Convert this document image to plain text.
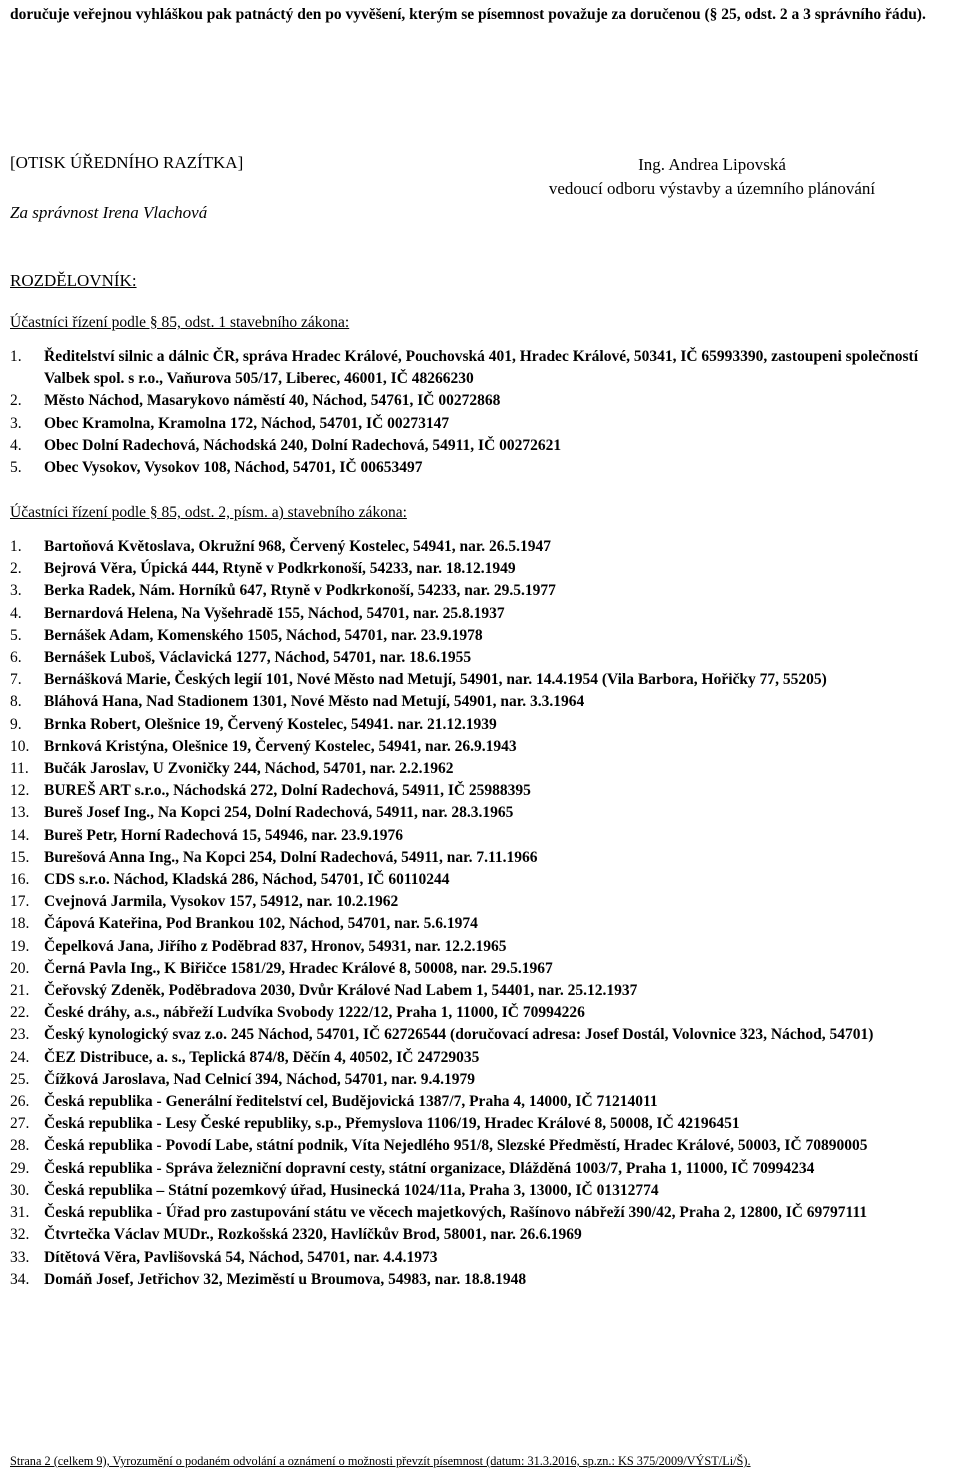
doručuje veřejnou vyhláškou pak patnáctý den po vyvěšení, kterým se písemnost považuje za doručenou (§ 25, odst. 2 a 3 správního řádu).
[OTISK ÚŘEDNÍHO RAZÍTKA]
Za správnost Irena Vlachová
Ing. Andrea Lipovská
vedoucí odboru výstavby a územního plánování
ROZDĚLOVNÍK:
Účastníci řízení podle § 85, odst. 1 stavebního zákona:
1. Ředitelství silnic a dálnic ČR, správa Hradec Králové, Pouchovská 401, Hradec Králové, 50341, IČ 65993390, zastoupeni společností Valbek spol. s r.o., Vaňurova 505/17, Liberec, 46001, IČ 48266230
2. Město Náchod, Masarykovo náměstí 40, Náchod, 54761, IČ 00272868
3. Obec Kramolna, Kramolna 172, Náchod, 54701, IČ 00273147
4. Obec Dolní Radechová, Náchodská 240, Dolní Radechová, 54911, IČ 00272621
5. Obec Vysokov, Vysokov 108, Náchod, 54701, IČ 00653497
Účastníci řízení podle § 85, odst. 2, písm. a) stavebního zákona:
1. Bartoňová Květoslava, Okružní 968, Červený Kostelec, 54941, nar. 26.5.1947
2. Bejrová Věra, Úpická 444, Rtyně v Podkrkonoší, 54233, nar. 18.12.1949
3. Berka Radek, Nám. Horníků 647, Rtyně v Podkrkonoší, 54233, nar. 29.5.1977
4. Bernardová Helena, Na Vyšehradě 155, Náchod, 54701, nar. 25.8.1937
5. Bernášek Adam, Komenského 1505, Náchod, 54701, nar. 23.9.1978
6. Bernášek Luboš, Václavická 1277, Náchod, 54701, nar. 18.6.1955
7. Bernášková Marie, Českých legií 101, Nové Město nad Metují, 54901, nar. 14.4.1954 (Vila Barbora, Hořičky 77, 55205)
8. Bláhová Hana, Nad Stadionem 1301, Nové Město nad Metují, 54901, nar. 3.3.1964
9. Brnka Robert, Olešnice 19, Červený Kostelec, 54941. nar. 21.12.1939
10. Brnková Kristýna, Olešnice 19, Červený Kostelec, 54941, nar. 26.9.1943
11. Bučák Jaroslav, U Zvoničky 244, Náchod, 54701, nar. 2.2.1962
12. BUREŠ ART s.r.o., Náchodská 272, Dolní Radechová, 54911, IČ 25988395
13. Bureš Josef Ing., Na Kopci 254, Dolní Radechová, 54911, nar. 28.3.1965
14. Bureš Petr, Horní Radechová 15, 54946, nar. 23.9.1976
15. Burešová Anna Ing., Na Kopci 254, Dolní Radechová, 54911, nar. 7.11.1966
16. CDS s.r.o. Náchod, Kladská 286, Náchod, 54701, IČ 60110244
17. Cvejnová Jarmila, Vysokov 157, 54912, nar. 10.2.1962
18. Čápová Kateřina, Pod Brankou 102, Náchod, 54701, nar. 5.6.1974
19. Čepelková Jana, Jiřího z Poděbrad 837, Hronov, 54931, nar. 12.2.1965
20. Černá Pavla Ing., K Biřičce 1581/29, Hradec Králové 8, 50008, nar. 29.5.1967
21. Čeřovský Zdeněk, Poděbradova 2030, Dvůr Králové Nad Labem 1, 54401, nar. 25.12.1937
22. České dráhy, a.s., nábřeží Ludvíka Svobody 1222/12, Praha 1, 11000, IČ 70994226
23. Český kynologický svaz z.o. 245 Náchod, 54701, IČ 62726544 (doručovací adresa: Josef Dostál, Volovnice 323, Náchod, 54701)
24. ČEZ Distribuce, a. s., Teplická 874/8, Děčín 4, 40502, IČ 24729035
25. Čížková Jaroslava, Nad Celnicí 394, Náchod, 54701, nar. 9.4.1979
26. Česká republika - Generální ředitelství cel, Budějovická 1387/7, Praha 4, 14000, IČ 71214011
27. Česká republika - Lesy České republiky, s.p., Přemyslova 1106/19, Hradec Králové 8, 50008, IČ 42196451
28. Česká republika - Povodí Labe, státní podnik, Víta Nejedlého 951/8, Slezské Předměstí, Hradec Králové, 50003, IČ 70890005
29. Česká republika - Správa železniční dopravní cesty, státní organizace, Dlážděná 1003/7, Praha 1, 11000, IČ 70994234
30. Česká republika – Státní pozemkový úřad, Husinecká 1024/11a, Praha 3, 13000, IČ 01312774
31. Česká republika - Úřad pro zastupování státu ve věcech majetkových, Rašínovo nábřeží 390/42, Praha 2, 12800, IČ 69797111
32. Čtvrtečka Václav MUDr., Rozkošská 2320, Havlíčkův Brod, 58001, nar. 26.6.1969
33. Dítětová Věra, Pavlišovská 54, Náchod, 54701, nar. 4.4.1973
34. Domáň Josef, Jetřichov 32, Meziměstí u Broumova, 54983, nar. 18.8.1948
Strana 2 (celkem 9), Vyrozumění o podaném odvolání a oznámení o možnosti převzít písemnost (datum: 31.3.2016, sp.zn.: KS 375/2009/VÝST/Li/Š).
